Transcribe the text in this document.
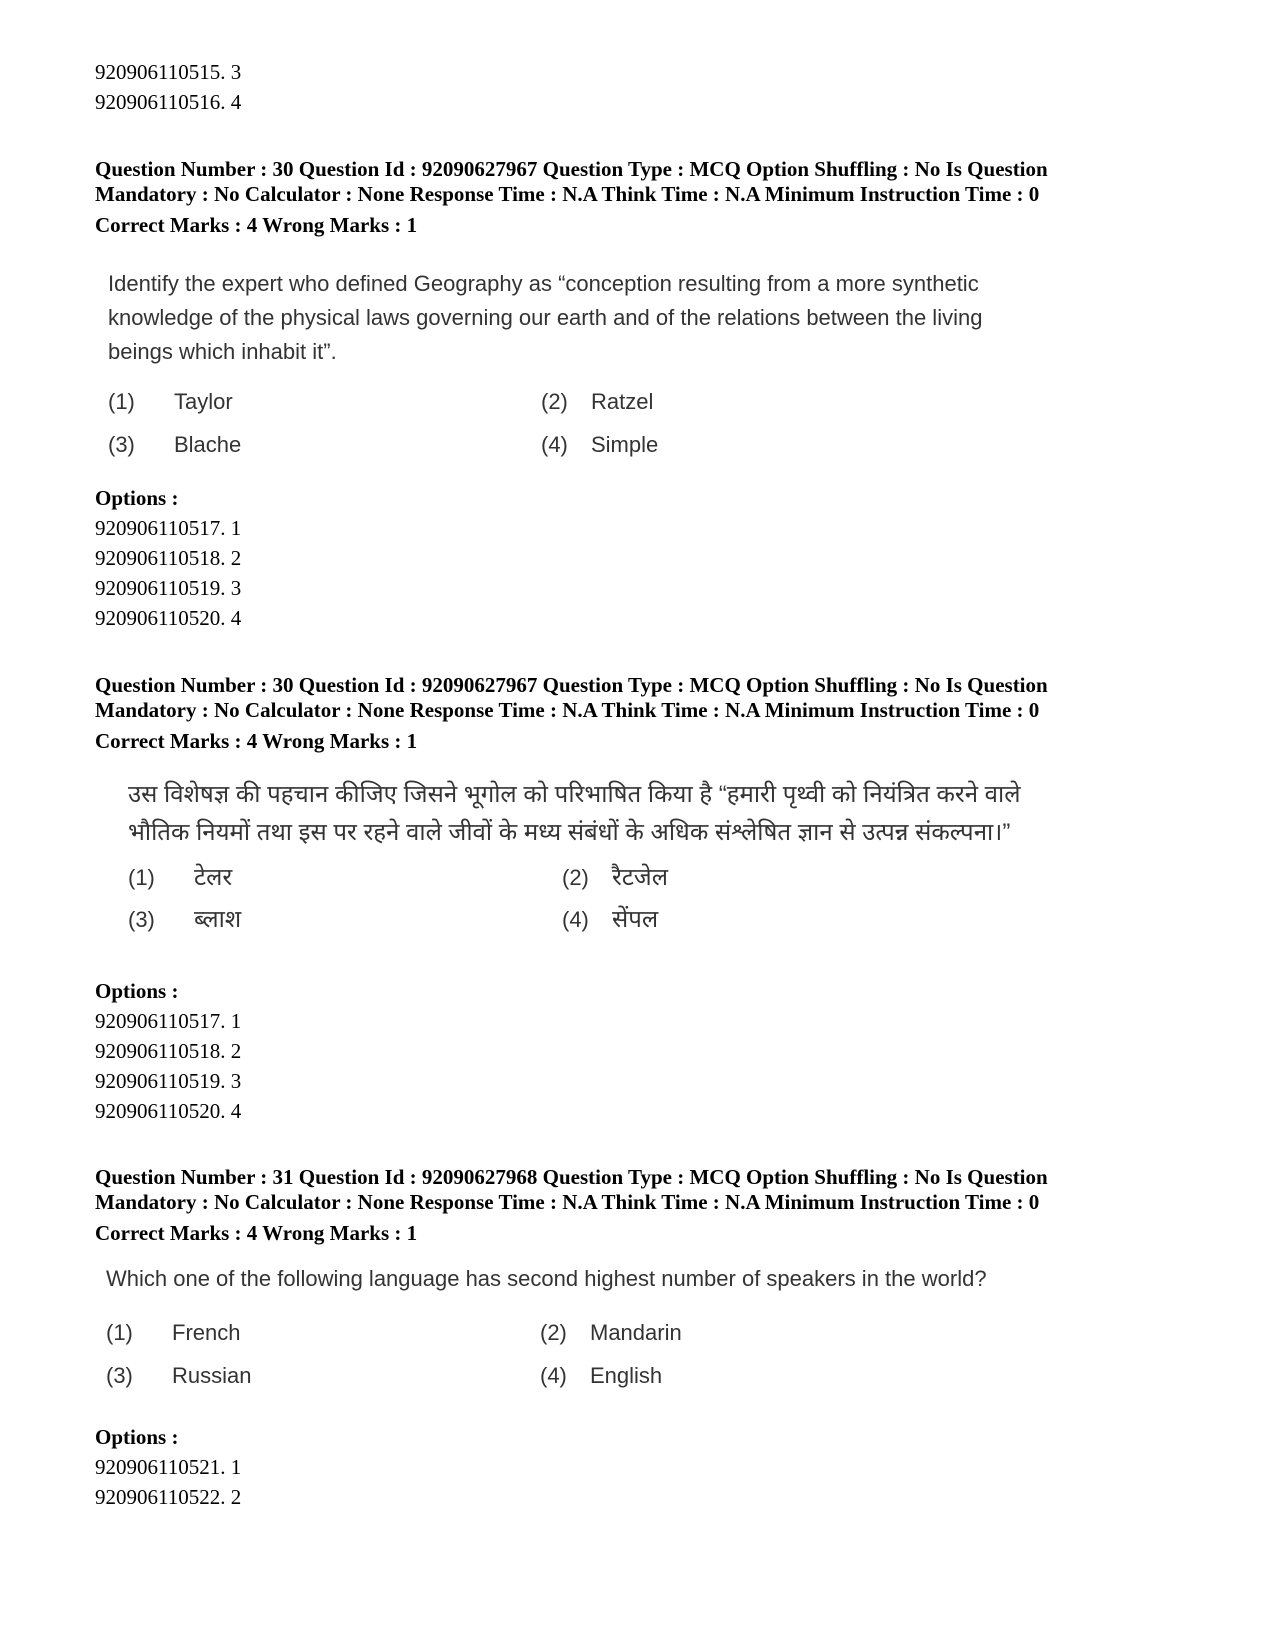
920906110515. 3
920906110516. 4
Question Number : 30 Question Id : 92090627967 Question Type : MCQ Option Shuffling : No Is Question
Mandatory : No Calculator : None Response Time : N.A Think Time : N.A Minimum Instruction Time : 0
Correct Marks : 4 Wrong Marks : 1
Identify the expert who defined Geography as “conception resulting from a more synthetic
knowledge of the physical laws governing our earth and of the relations between the living
beings which inhabit it”.
(1) Taylor	(2) Ratzel
(3) Blache	(4) Simple
Options :
920906110517. 1
920906110518. 2
920906110519. 3
920906110520. 4
Question Number : 30 Question Id : 92090627967 Question Type : MCQ Option Shuffling : No Is Question
Mandatory : No Calculator : None Response Time : N.A Think Time : N.A Minimum Instruction Time : 0
Correct Marks : 4 Wrong Marks : 1
उस विशेषज्ञ की पहचान कीजिए जिसने भूगोल को परिभाषित किया है “हमारी पृथ्वी को नियंत्रित करने वाले
भौतिक नियमों तथा इस पर रहने वाले जीवों के मध्य संबंधों के अधिक संश्लेषित ज्ञान से उत्पन्न संकल्पना।”
(1) टेलर	(2) रैटजेल
(3) ब्लाश	(4) सेंपल
Options :
920906110517. 1
920906110518. 2
920906110519. 3
920906110520. 4
Question Number : 31 Question Id : 92090627968 Question Type : MCQ Option Shuffling : No Is Question
Mandatory : No Calculator : None Response Time : N.A Think Time : N.A Minimum Instruction Time : 0
Correct Marks : 4 Wrong Marks : 1
Which one of the following language has second highest number of speakers in the world?
(1) French	(2) Mandarin
(3) Russian	(4) English
Options :
920906110521. 1
920906110522. 2
